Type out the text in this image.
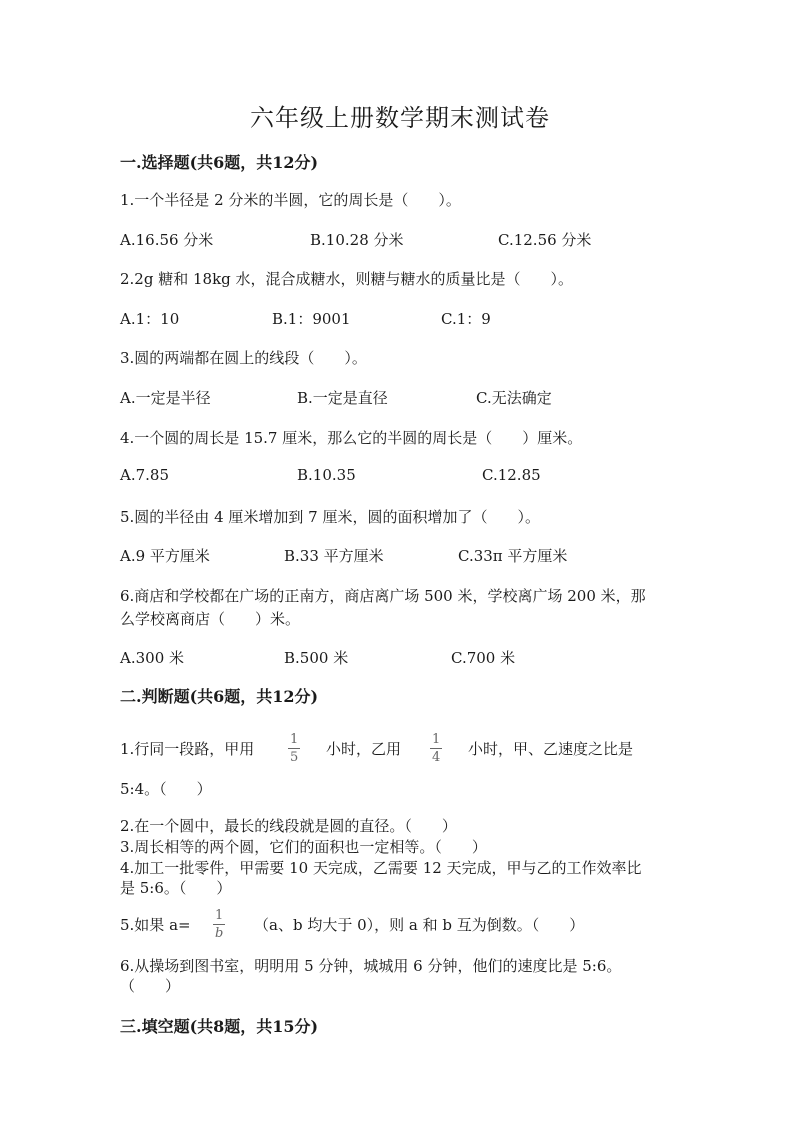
六年级上册数学期末测试卷
一.选择题(共6题，共12分)
1.一个半径是 2 分米的半圆，它的周长是（　　）。
A.16.56 分米	B.10.28 分米	C.12.56 分米
2.2g 糖和 18kg 水，混合成糖水，则糖与糖水的质量比是（　　）。
A.1：10	B.1：9001	C.1：9
3.圆的两端都在圆上的线段（　　）。
A.一定是半径	B.一定是直径	C.无法确定
4.一个圆的周长是 15.7 厘米，那么它的半圆的周长是（　　）厘米。
A.7.85	B.10.35	C.12.85
5.圆的半径由 4 厘米增加到 7 厘米，圆的面积增加了（　　）。
A.9 平方厘米	B.33 平方厘米	C.33π 平方厘米
6.商店和学校都在广场的正南方，商店离广场 500 米，学校离广场 200 米，那
么学校离商店（　　）米。
A.300 米	B.500 米	C.700 米
二.判断题(共6题，共12分)
1.行同一段路，甲用	$\frac{1}{5}$ 小时，乙用 $\frac{1}{4}$ 小时，甲、乙速度之比是
5:4。（　　）
2.在一个圆中，最长的线段就是圆的直径。（　　）
3.周长相等的两个圆，它们的面积也一定相等。（　　）
4.加工一批零件，甲需要 10 天完成，乙需要 12 天完成，甲与乙的工作效率比
是 5:6。（　　）
5.如果 $a= \frac{1}{b} (a$、b 均大于 0），则 a 和 b 互为倒数。（　　）
6.从操场到图书室，明明用 5 分钟，城城用 6 分钟，他们的速度比是 5:6。
（　　）
三.填空题(共8题，共15分)
